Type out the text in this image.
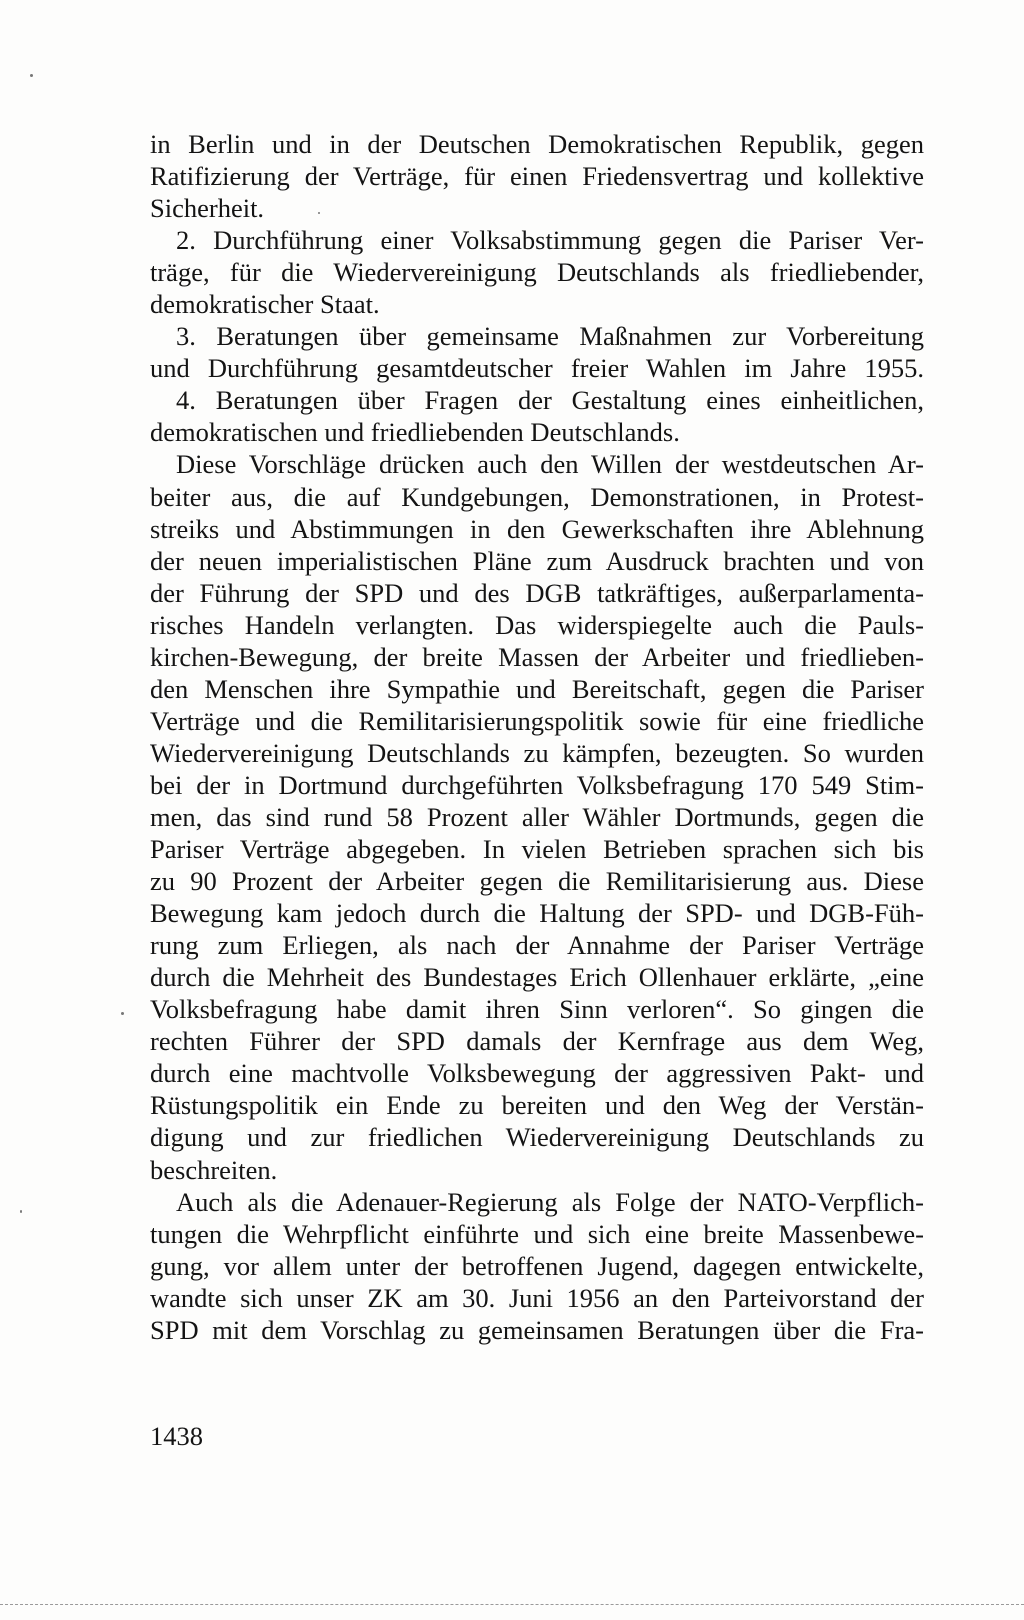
in Berlin und in der Deutschen Demokratischen Republik, gegen
Ratifizierung der Verträge, für einen Friedensvertrag und kollektive
Sicherheit.
2. Durchführung einer Volksabstimmung gegen die Pariser Ver-
träge, für die Wiedervereinigung Deutschlands als friedliebender,
demokratischer Staat.
3. Beratungen über gemeinsame Maßnahmen zur Vorbereitung
und Durchführung gesamtdeutscher freier Wahlen im Jahre 1955.
4. Beratungen über Fragen der Gestaltung eines einheitlichen,
demokratischen und friedliebenden Deutschlands.
Diese Vorschläge drücken auch den Willen der westdeutschen Ar-
beiter aus, die auf Kundgebungen, Demonstrationen, in Protest-
streiks und Abstimmungen in den Gewerkschaften ihre Ablehnung
der neuen imperialistischen Pläne zum Ausdruck brachten und von
der Führung der SPD und des DGB tatkräftiges, außerparlamenta-
risches Handeln verlangten. Das widerspiegelte auch die Pauls-
kirchen-Bewegung, der breite Massen der Arbeiter und friedlieben-
den Menschen ihre Sympathie und Bereitschaft, gegen die Pariser
Verträge und die Remilitarisierungspolitik sowie für eine friedliche
Wiedervereinigung Deutschlands zu kämpfen, bezeugten. So wurden
bei der in Dortmund durchgeführten Volksbefragung 170 549 Stim-
men, das sind rund 58 Prozent aller Wähler Dortmunds, gegen die
Pariser Verträge abgegeben. In vielen Betrieben sprachen sich bis
zu 90 Prozent der Arbeiter gegen die Remilitarisierung aus. Diese
Bewegung kam jedoch durch die Haltung der SPD- und DGB-Füh-
rung zum Erliegen, als nach der Annahme der Pariser Verträge
durch die Mehrheit des Bundestages Erich Ollenhauer erklärte, „eine
Volksbefragung habe damit ihren Sinn verloren“. So gingen die
rechten Führer der SPD damals der Kernfrage aus dem Weg,
durch eine machtvolle Volksbewegung der aggressiven Pakt- und
Rüstungspolitik ein Ende zu bereiten und den Weg der Verstän-
digung und zur friedlichen Wiedervereinigung Deutschlands zu
beschreiten.
Auch als die Adenauer-Regierung als Folge der NATO-Verpflich-
tungen die Wehrpflicht einführte und sich eine breite Massenbewe-
gung, vor allem unter der betroffenen Jugend, dagegen entwickelte,
wandte sich unser ZK am 30. Juni 1956 an den Parteivorstand der
SPD mit dem Vorschlag zu gemeinsamen Beratungen über die Fra-
1438
